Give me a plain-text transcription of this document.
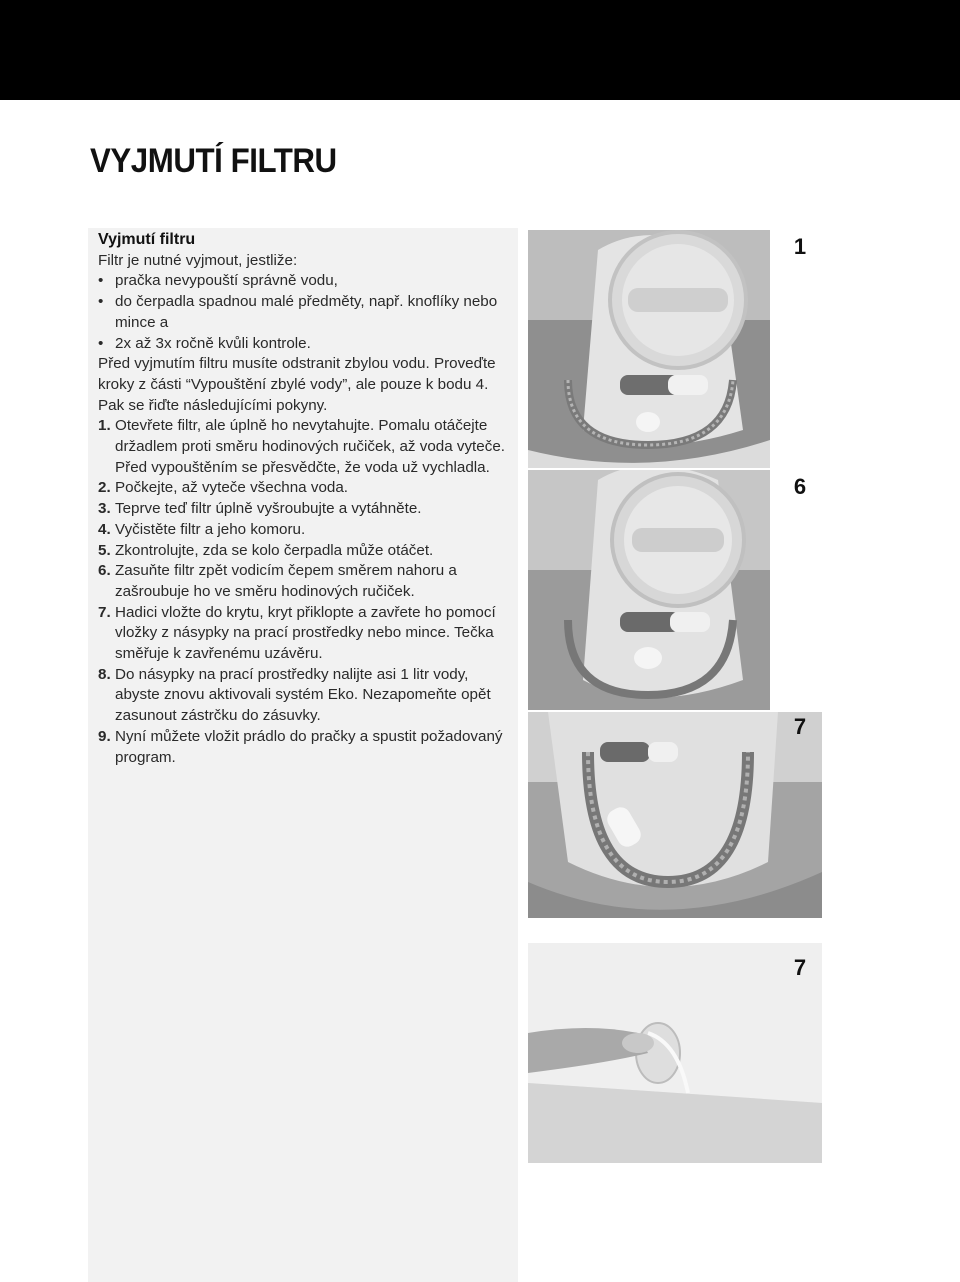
VYJMUTÍ FILTRU

Vyjmutí filtru

Filtr je nutné vyjmout, jestliže:

• pračka nevypouští správně vodu,
• do čerpadla spadnou malé předměty, např. knoflíky nebo mince a
• 2x až 3x ročně kvůli kontrole.

Před vyjmutím filtru musíte odstranit zbylou vodu. Proveďte kroky z části “Vypouštění zbylé vody”, ale pouze k bodu 4. Pak se řiďte následujícími pokyny.

1. Otevřete filtr, ale úplně ho nevytahujte. Pomalu otáčejte držadlem proti směru hodinových ručiček, až voda vyteče. Před vypouštěním se přesvědčte, že voda už vychladla.
2. Počkejte, až vyteče všechna voda.
3. Teprve teď filtr úplně vyšroubujte a vytáhněte.
4. Vyčistěte filtr a jeho komoru.
5. Zkontrolujte, zda se kolo čerpadla může otáčet.
6. Zasuňte filtr zpět vodicím čepem směrem nahoru a zašroubuje ho ve směru hodinových ručiček.
7. Hadici vložte do krytu, kryt přiklopte a zavřete ho pomocí vložky z násypky na prací prostředky nebo mince. Tečka směřuje k zavřenému uzávěru.
8. Do násypky na prací prostředky nalijte asi 1 litr vody, abyste znovu aktivovali systém Eko. Nezapomeňte opět zasunout zástrčku do zásuvky.
9. Nyní můžete vložit prádlo do pračky a spustit požadovaný program.
1
6
7
7
